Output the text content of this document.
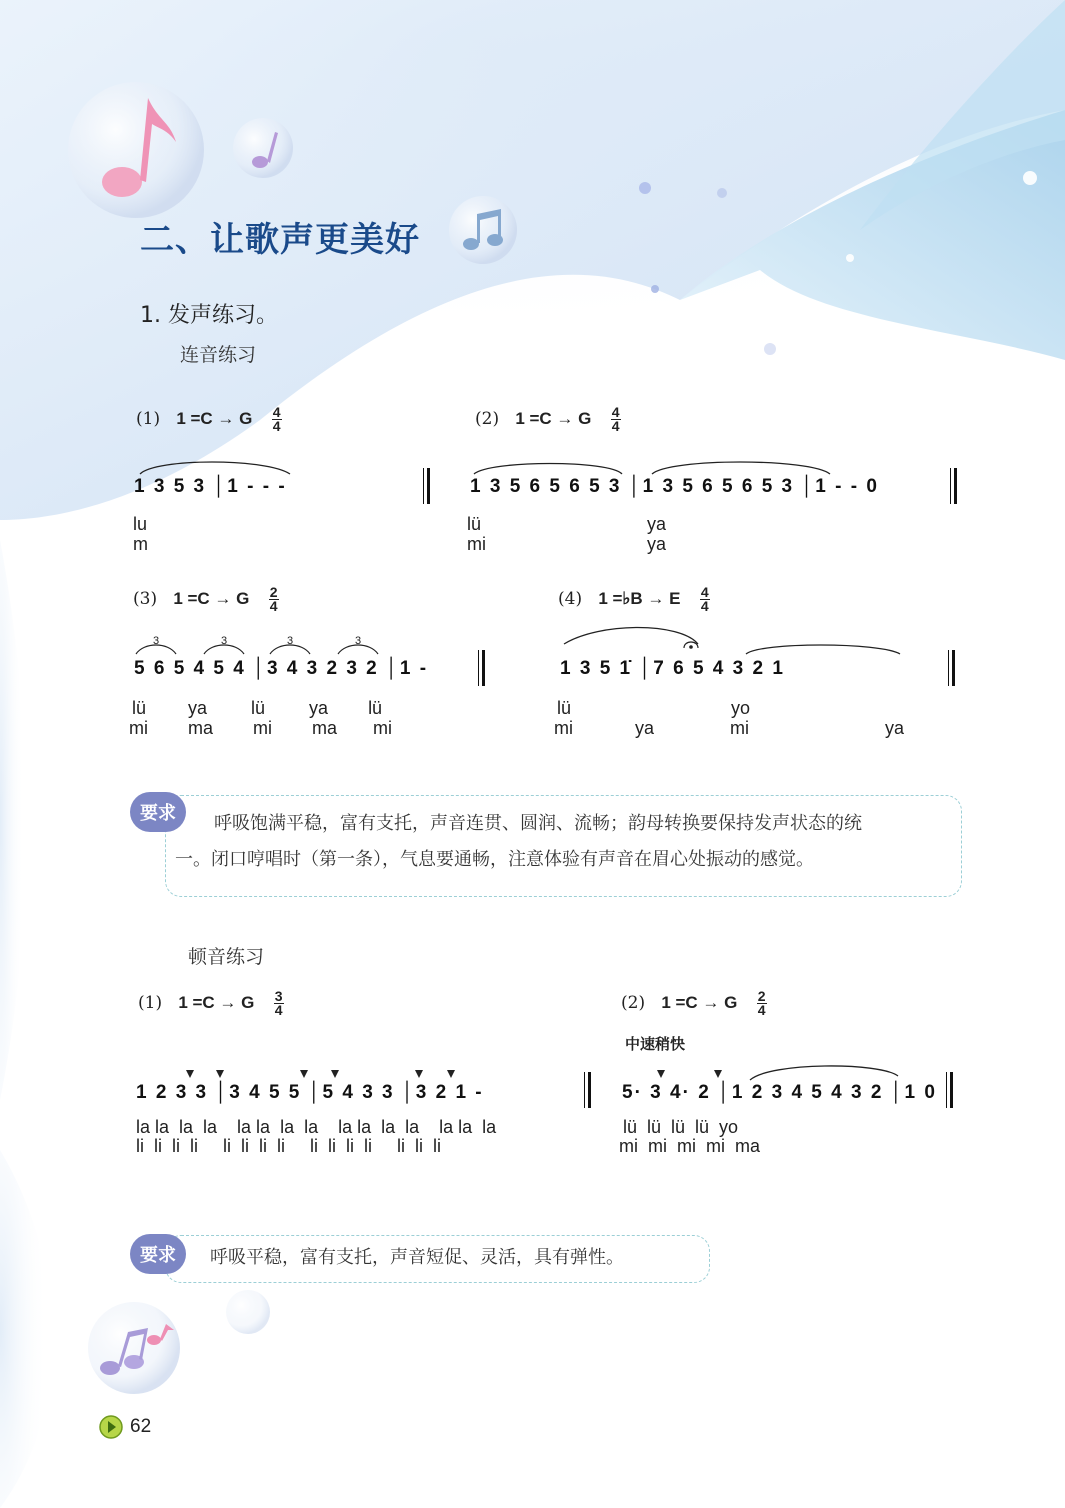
二、让歌声更美好
1. 发声练习。
连音练习
(1) 1 =C → G $\frac{4}{4}$
1 3 5 3 │1 - - -
lu
m
(2) 1 =C → G $\frac{4}{4}$
1 3 5 6 5 6 5 3 │1 3 5 6 5 6 5 3 │1 - - 0
lü	ya
mi	ya
(3) 1 =C → G $\frac{2}{4}$
3	3	3	3
5 6 5 4 5 4 │3 4 3 2 3 2 │1 -
lü ya lü ya lü
mi ma mi ma mi
(4) 1 =♭B → E $\frac{4}{4}$
1 3 5 1̇ │7 6 5 4 3 2 1
lü	yo
mi	ya	mi	ya
要求	呼吸饱满平稳，富有支托，声音连贯、圆润、流畅；韵母转换要保持发声状态的统
一。闭口哼唱时（第一条），气息要通畅，注意体验有声音在眉心处振动的感觉。
顿音练习
(1) 1 =C → G $\frac{3}{4}$
1 2 3 3 │3 4 5 5 │5 4 3 3 │3 2 1 -
la la  la  la    la la  la  la    la la  la  la    la la  la
li  li  li  li     li  li  li  li     li  li  li  li     li  li  li
(2) 1 =C → G $\frac{2}{4}$
中速稍快
5· 3 4· 2 │1 2 3 4 5 4 3 2 │1 0
lü  lü  lü  lü  yo
mi  mi  mi  mi  ma
要求	呼吸平稳，富有支托，声音短促、灵活，具有弹性。
62
